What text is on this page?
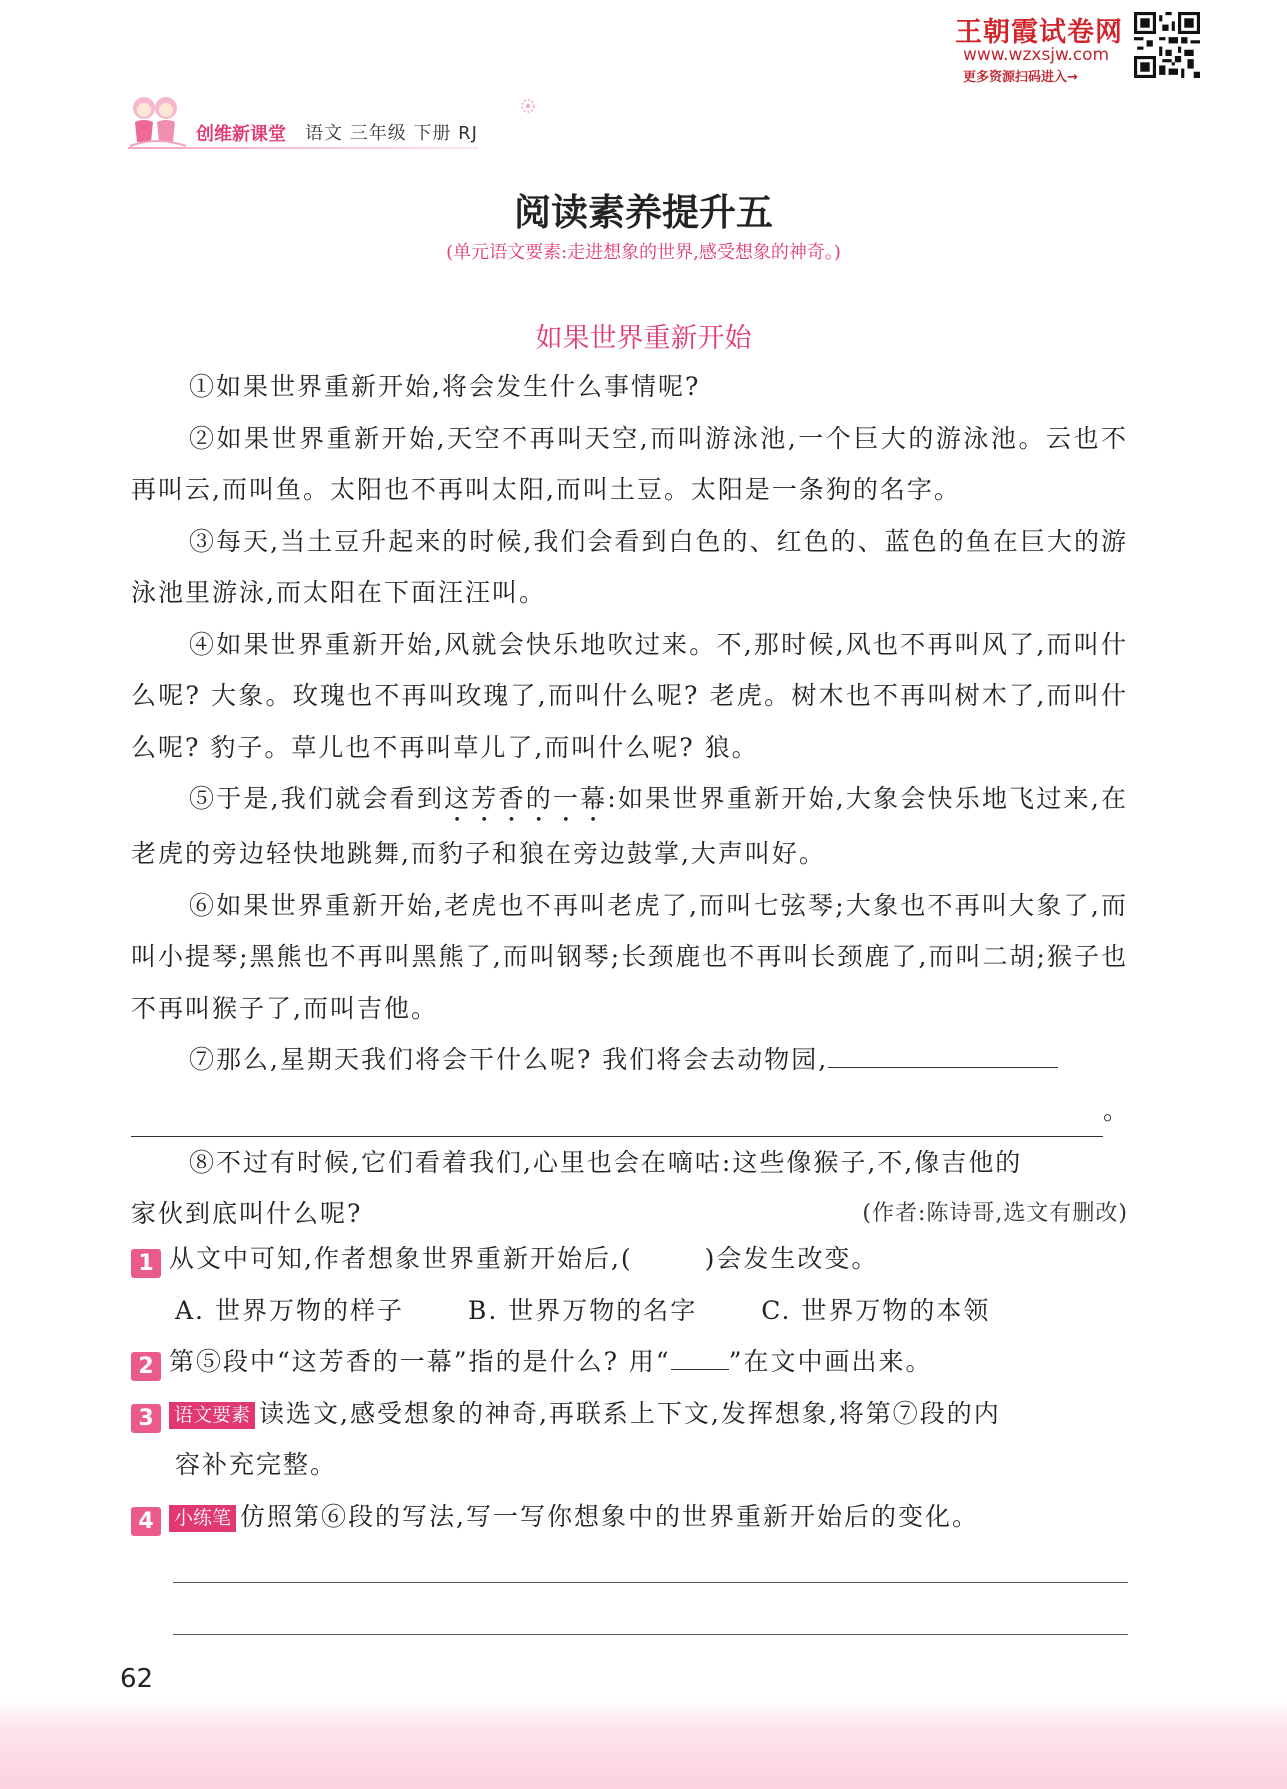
王朝霞试卷网
www.wzxsjw.com
更多资源扫码进入→
创维新课堂 语文 三年级 下册 RJ
阅读素养提升五
(单元语文要素:走进想象的世界,感受想象的神奇。)
如果世界重新开始

①如果世界重新开始,将会发生什么事情呢?

②如果世界重新开始,天空不再叫天空,而叫游泳池,一个巨大的游泳池。云也不再叫云,而叫鱼。太阳也不再叫太阳,而叫土豆。太阳是一条狗的名字。

③每天,当土豆升起来的时候,我们会看到白色的、红色的、蓝色的鱼在巨大的游泳池里游泳,而太阳在下面汪汪叫。

④如果世界重新开始,风就会快乐地吹过来。不,那时候,风也不再叫风了,而叫什么呢? 大象。玫瑰也不再叫玫瑰了,而叫什么呢? 老虎。树木也不再叫树木了,而叫什么呢? 豹子。草儿也不再叫草儿了,而叫什么呢? 狼。

⑤于是,我们就会看到这芳香的一幕:如果世界重新开始,大象会快乐地飞过来,在老虎的旁边轻快地跳舞,而豹子和狼在旁边鼓掌,大声叫好。

⑥如果世界重新开始,老虎也不再叫老虎了,而叫七弦琴;大象也不再叫大象了,而叫小提琴;黑熊也不再叫黑熊了,而叫钢琴;长颈鹿也不再叫长颈鹿了,而叫二胡;猴子也不再叫猴子了,而叫吉他。

⑦那么,星期天我们将会干什么呢? 我们将会去动物园,

。

⑧不过有时候,它们看着我们,心里也会在嘀咕:这些像猴子,不,像吉他的

家伙到底叫什么呢?	(作者:陈诗哥,选文有删改)
1 从文中可知,作者想象世界重新开始后,(	)会发生改变。
A. 世界万物的样子	B. 世界万物的名字	C. 世界万物的本领
2 第⑤段中“这芳香的一幕”指的是什么? 用“ ”在文中画出来。
3 语文要素 读选文,感受想象的神奇,再联系上下文,发挥想象,将第⑦段的内
容补充完整。
4 小练笔 仿照第⑥段的写法,写一写你想象中的世界重新开始后的变化。
62
